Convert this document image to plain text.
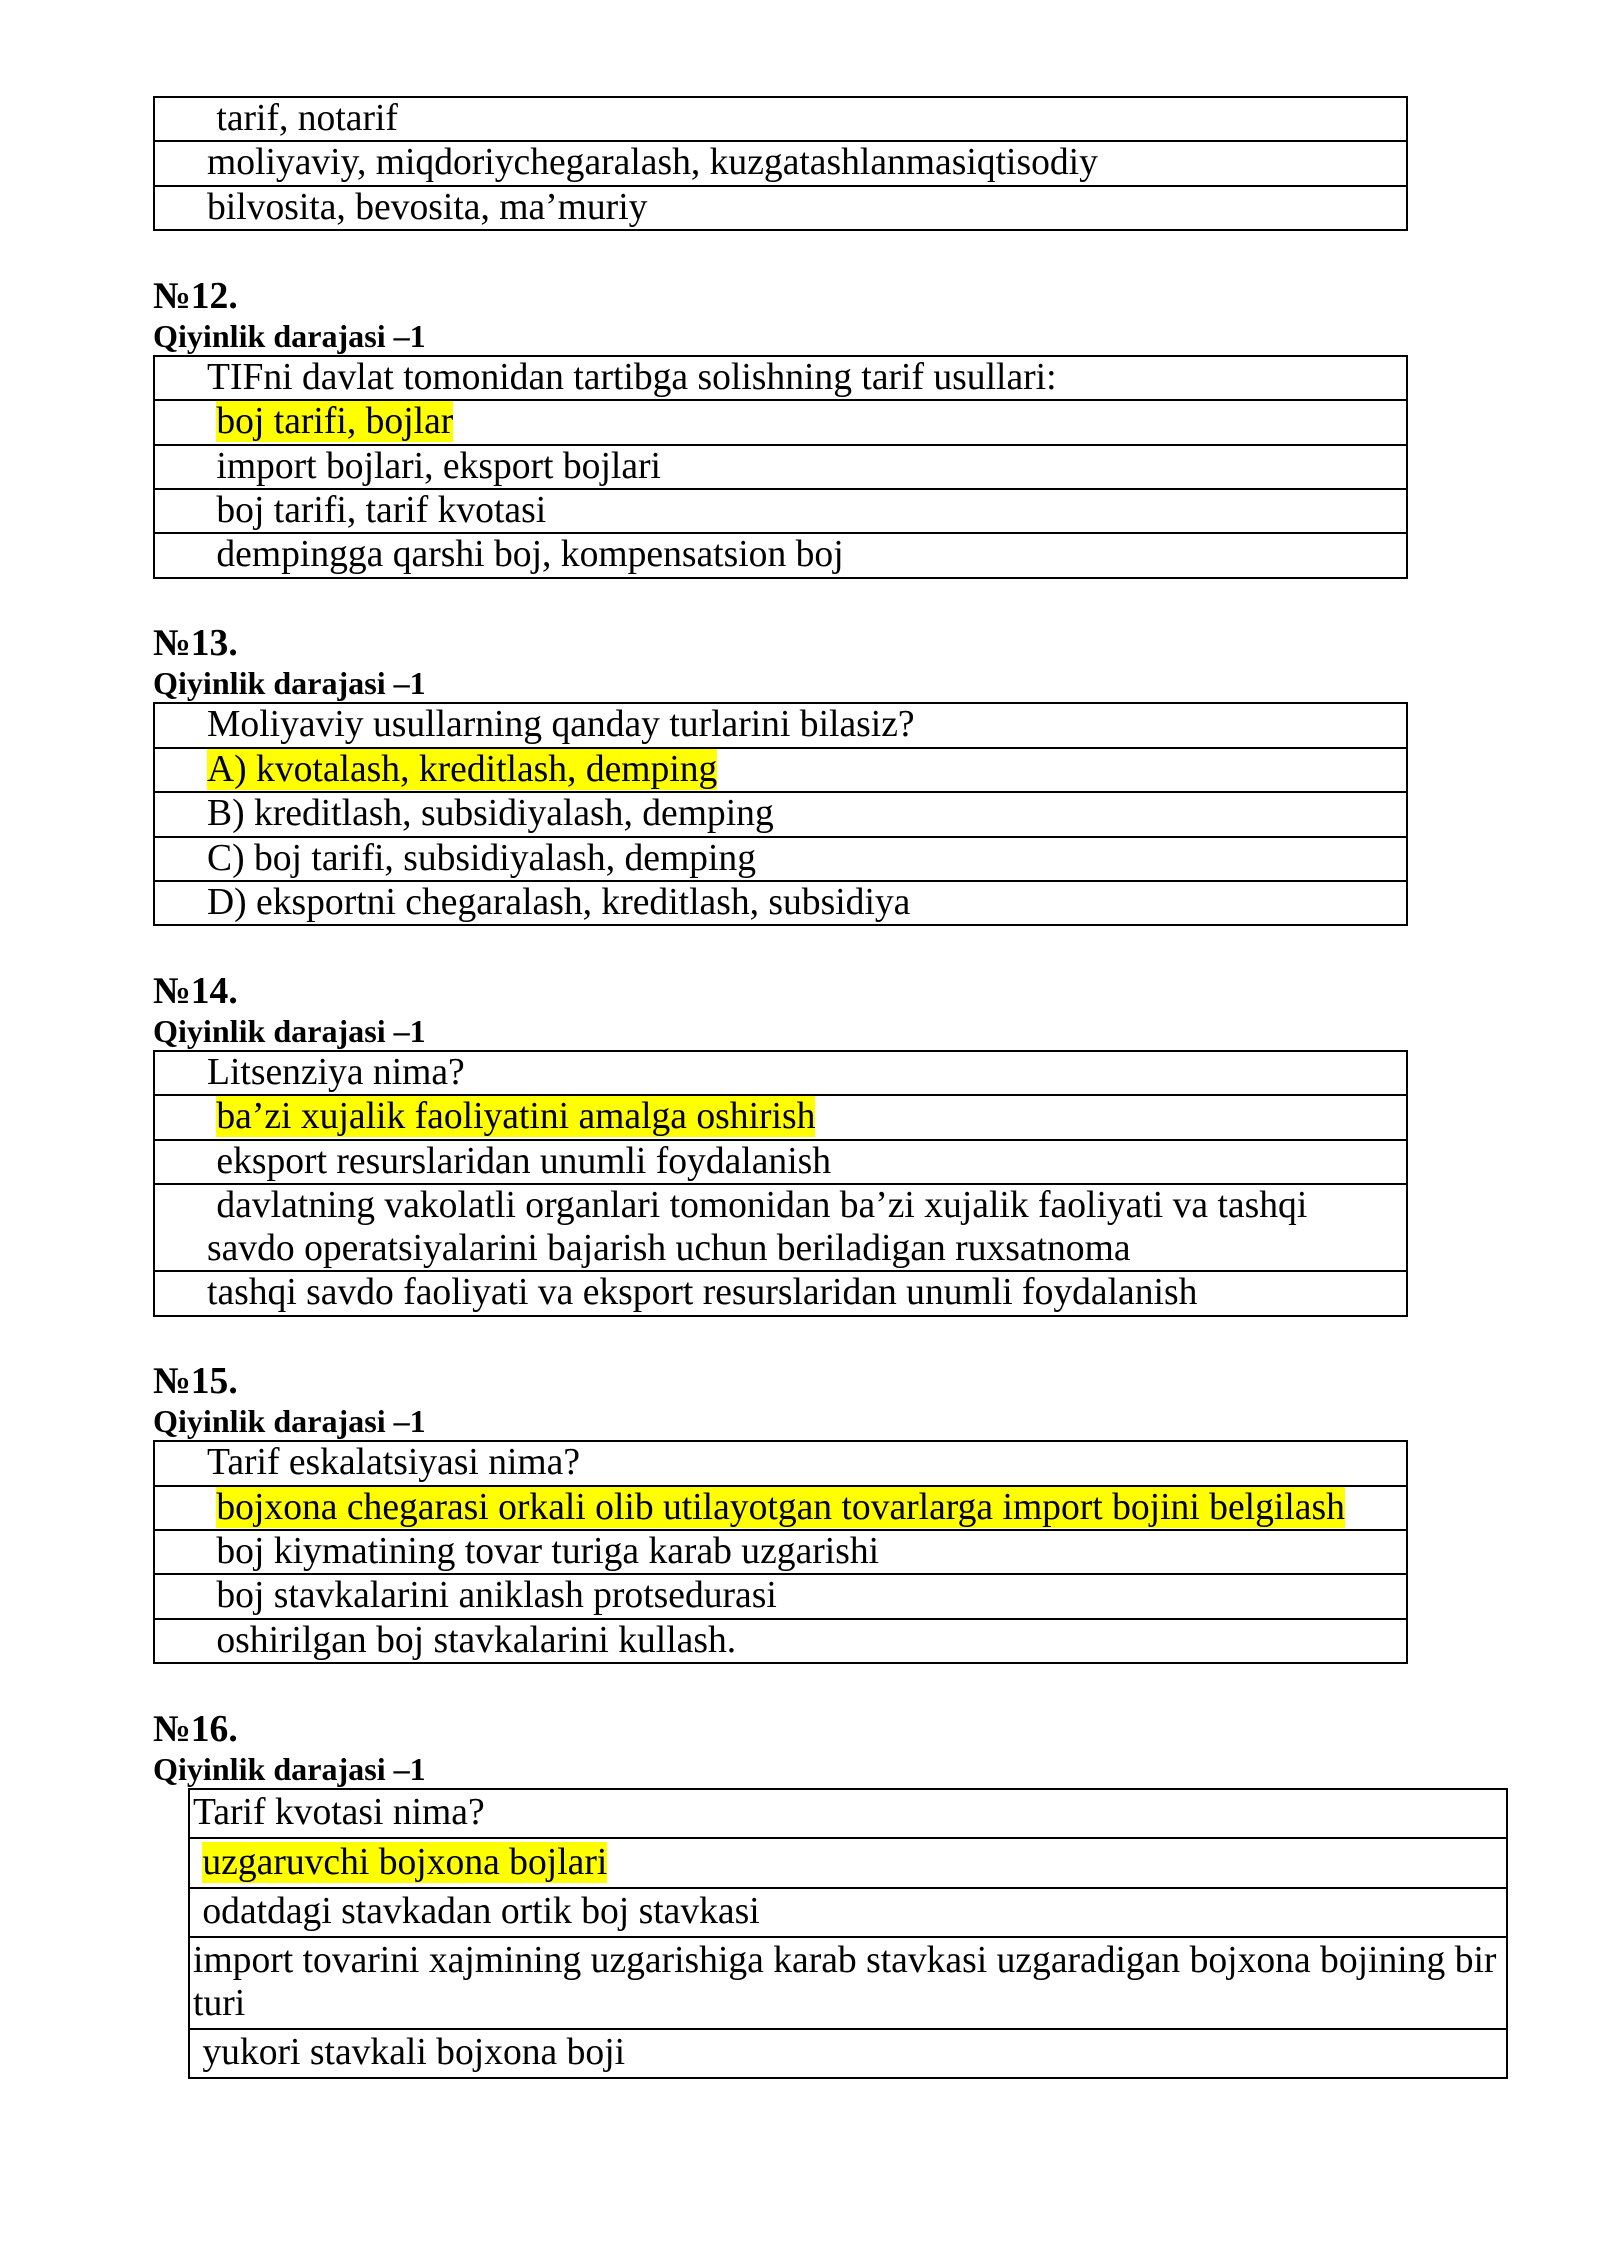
tarif, notarif
moliyaviy, miqdoriychegaralash, kuzgatashlanmasiqtisodiy
bilvosita, bevosita, ma’muriy
№12.
Qiyinlik darajasi –1
TIFni davlat tomonidan tartibga solishning tarif usullari:
boj tarifi, bojlar
import bojlari, eksport bojlari
boj tarifi, tarif kvotasi
dempingga qarshi boj, kompensatsion boj
№13.
Qiyinlik darajasi –1
Moliyaviy usullarning qanday turlarini bilasiz?
A) kvotalash, kreditlash, demping
B) kreditlash, subsidiyalash, demping
C) boj tarifi, subsidiyalash, demping
D) eksportni chegaralash, kreditlash, subsidiya
№14.
Qiyinlik darajasi –1
Litsenziya nima?
ba’zi xujalik faoliyatini amalga oshirish
eksport resurslaridan unumli foydalanish
davlatning vakolatli organlari tomonidan ba’zi xujalik faoliyati va tashqi savdo operatsiyalarini bajarish uchun beriladigan ruxsatnoma
tashqi savdo faoliyati va eksport resurslaridan unumli foydalanish
№15.
Qiyinlik darajasi –1
Tarif eskalatsiyasi nima?
bojxona chegarasi orkali olib utilayotgan tovarlarga import bojini belgilash
boj kiymatining tovar turiga karab uzgarishi
boj stavkalarini aniklash protsedurasi
oshirilgan boj stavkalarini kullash.
№16.
Qiyinlik darajasi –1
Tarif kvotasi nima?
uzgaruvchi bojxona bojlari
odatdagi stavkadan ortik boj stavkasi
import tovarini xajmining uzgarishiga karab stavkasi uzgaradigan bojxona bojining bir turi
yukori stavkali bojxona boji
